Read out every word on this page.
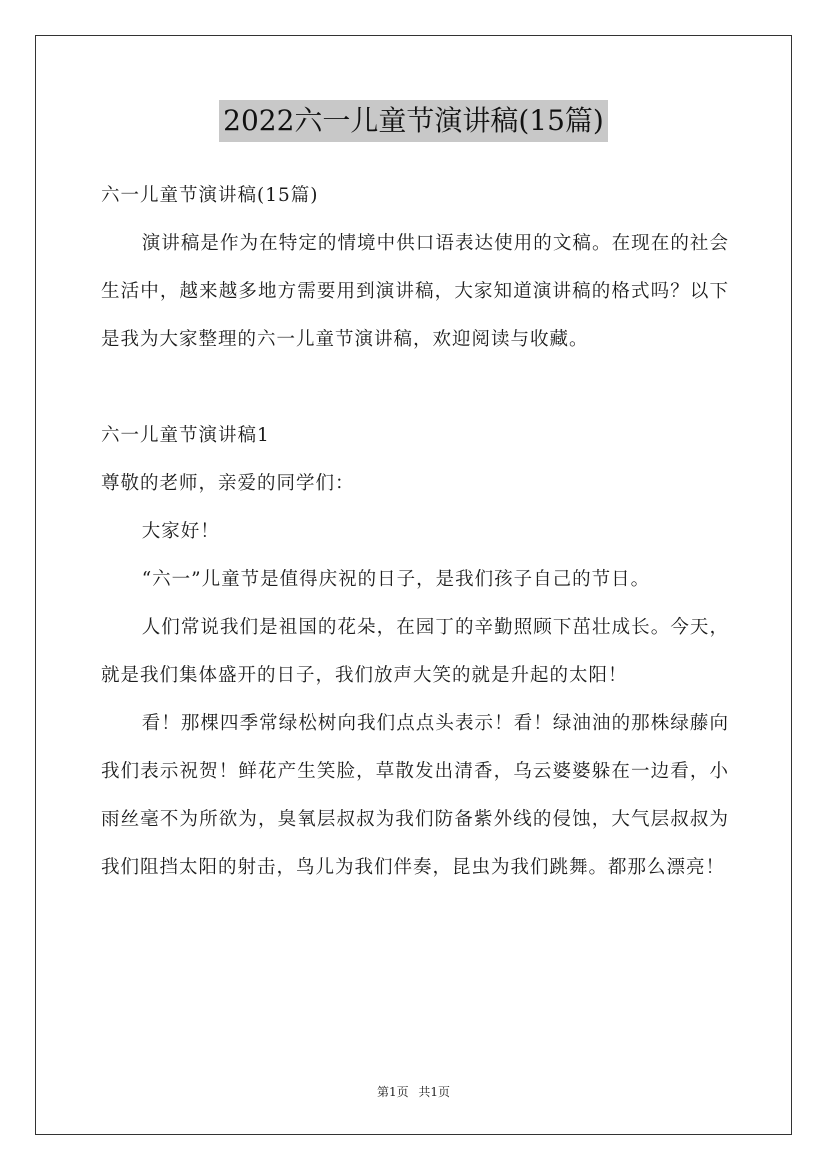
2022六一儿童节演讲稿(15篇)

六一儿童节演讲稿(15篇)

演讲稿是作为在特定的情境中供口语表达使用的文稿。在现在的社会生活中，越来越多地方需要用到演讲稿，大家知道演讲稿的格式吗？以下是我为大家整理的六一儿童节演讲稿，欢迎阅读与收藏。

六一儿童节演讲稿1

尊敬的老师，亲爱的同学们：

大家好！

“六一”儿童节是值得庆祝的日子，是我们孩子自己的节日。

人们常说我们是祖国的花朵，在园丁的辛勤照顾下茁壮成长。今天，就是我们集体盛开的日子，我们放声大笑的就是升起的太阳！

看！那棵四季常绿松树向我们点点头表示！看！绿油油的那株绿藤向我们表示祝贺！鲜花产生笑脸，草散发出清香，乌云婆婆躲在一边看，小雨丝毫不为所欲为，臭氧层叔叔为我们防备紫外线的侵蚀，大气层叔叔为我们阻挡太阳的射击，鸟儿为我们伴奏，昆虫为我们跳舞。都那么漂亮！

第1页 共1页
